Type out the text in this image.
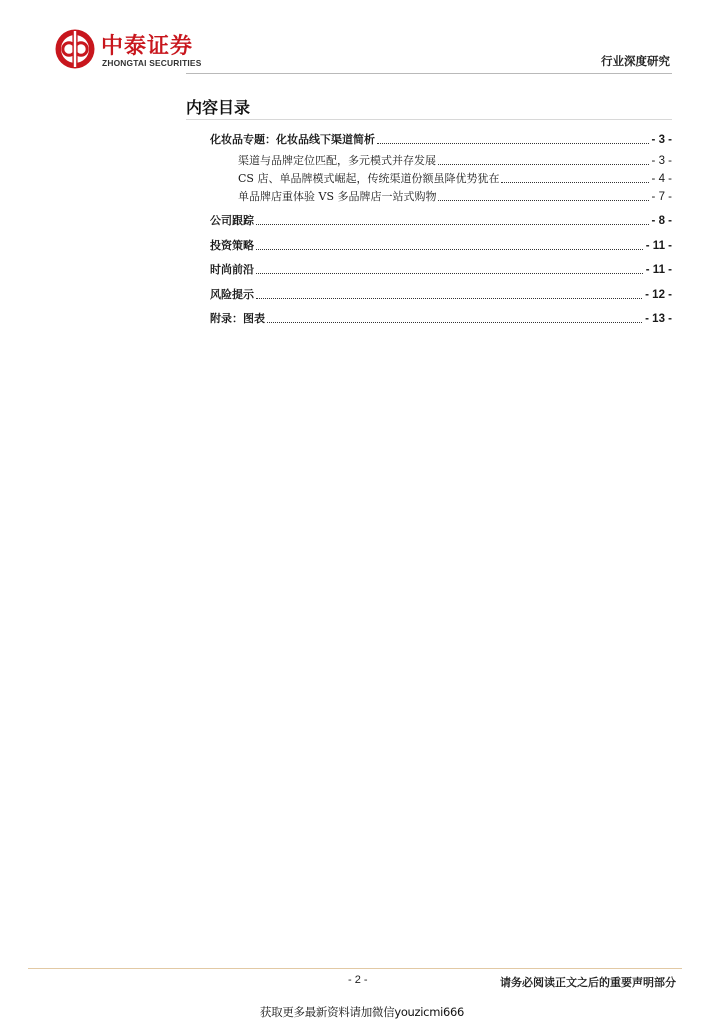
中泰证券
ZHONGTAI SECURITIES	行业深度研究
内容目录
化妆品专题：化妆品线下渠道简析	- 3 -
渠道与品牌定位匹配，多元模式并存发展	- 3 -
CS 店、单品牌模式崛起，传统渠道份额虽降优势犹在	- 4 -
单品牌店重体验 VS 多品牌店一站式购物	- 7 -
公司跟踪	- 8 -
投资策略	- 11 -
时尚前沿	- 11 -
风险提示	- 12 -
附录：图表	- 13 -
- 2 -	请务必阅读正文之后的重要声明部分
获取更多最新资料请加微信youzicmi666
